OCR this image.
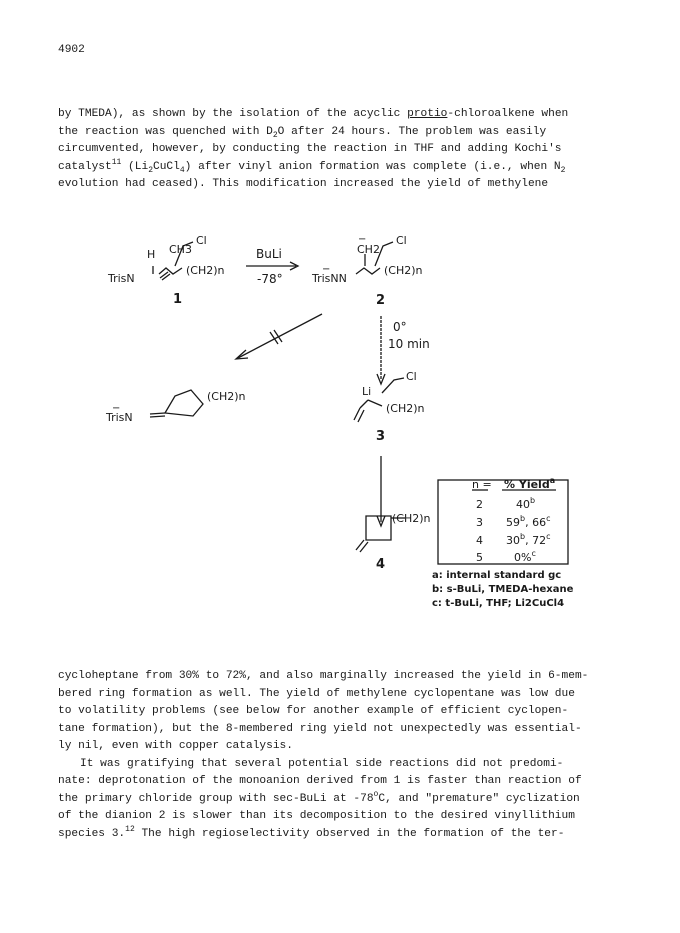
4902

by TMEDA), as shown by the isolation of the acyclic protio-chloroalkene when

the reaction was quenched with $D_2O$ after 24 hours. The problem was easily

circumvented, however, by conducting the reaction in THF and adding Kochi's

catalyst$^{11}$ $(Li_2CuCl_4)$ after vinyl anion formation was complete (i.e., when $N_2$

evolution had ceased). This modification increased the yield of methylene

H CH3
Cl
(CH2)n
TrisN
1
BuLi
-78°
−
CH2
Cl
(CH2)n
−
TrisNN
2
0°
10 min
(CH2)n
−
TrisN
Li
Cl
(CH2)n
3
(CH2)n
4
n = % Yield$^a$
2	40$^b$
3 59$^b$, 66$^c$
4 30$^b$, 72$^c$
5	0%$^c$
a: internal standard gc
b: s-BuLi, TMEDA-hexane
c: t-BuLi, THF; Li2CuCl4

cycloheptane from 30% to 72%, and also marginally increased the yield in 6-mem-

bered ring formation as well. The yield of methylene cyclopentane was low due

to volatility problems (see below for another example of efficient cyclopen-

tane formation), but the 8-membered ring yield not unexpectedly was essential-

ly nil, even with copper catalysis.

It was gratifying that several potential side reactions did not predomi-

nate: deprotonation of the monoanion derived from 1 is faster than reaction of

the primary chloride group with sec-BuLi at -78$^o$C, and "premature" cyclization

of the dianion 2 is slower than its decomposition to the desired vinyllithium

species 3.12 The high regioselectivity observed in the formation of the ter-
